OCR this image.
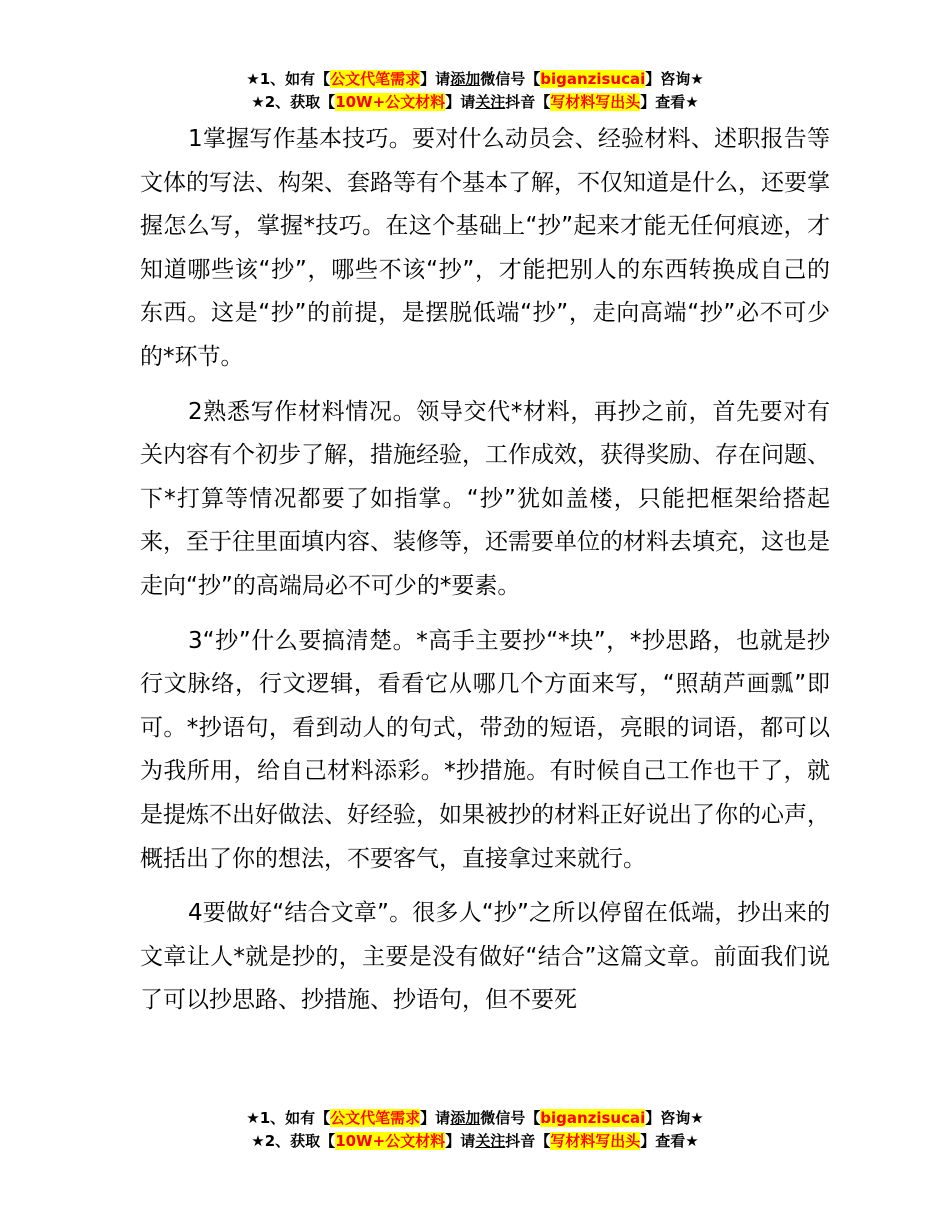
★1、如有【公文代笔需求】请添加微信号【biganzisucai】咨询★
★2、获取【10W+公文材料】请关注抖音【写材料写出头】查看★

1掌握写作基本技巧。要对什么动员会、经验材料、述职报告等文体的写法、构架、套路等有个基本了解，不仅知道是什么，还要掌握怎么写，掌握*技巧。在这个基础上“抄”起来才能无任何痕迹，才知道哪些该“抄”，哪些不该“抄”，才能把别人的东西转换成自己的东西。这是“抄”的前提，是摆脱低端“抄”，走向高端“抄”必不可少的*环节。

2熟悉写作材料情况。领导交代*材料，再抄之前，首先要对有关内容有个初步了解，措施经验，工作成效，获得奖励、存在问题、下*打算等情况都要了如指掌。“抄”犹如盖楼，只能把框架给搭起来，至于往里面填内容、装修等，还需要单位的材料去填充，这也是走向“抄”的高端局必不可少的*要素。

3“抄”什么要搞清楚。*高手主要抄“*块”，*抄思路，也就是抄行文脉络，行文逻辑，看看它从哪几个方面来写，“照葫芦画瓢”即可。*抄语句，看到动人的句式，带劲的短语，亮眼的词语，都可以为我所用，给自己材料添彩。*抄措施。有时候自己工作也干了，就是提炼不出好做法、好经验，如果被抄的材料正好说出了你的心声，概括出了你的想法，不要客气，直接拿过来就行。

4要做好“结合文章”。很多人“抄”之所以停留在低端，抄出来的文章让人*就是抄的，主要是没有做好“结合”这篇文章。前面我们说了可以抄思路、抄措施、抄语句，但不要死

★1、如有【公文代笔需求】请添加微信号【biganzisucai】咨询★
★2、获取【10W+公文材料】请关注抖音【写材料写出头】查看★
